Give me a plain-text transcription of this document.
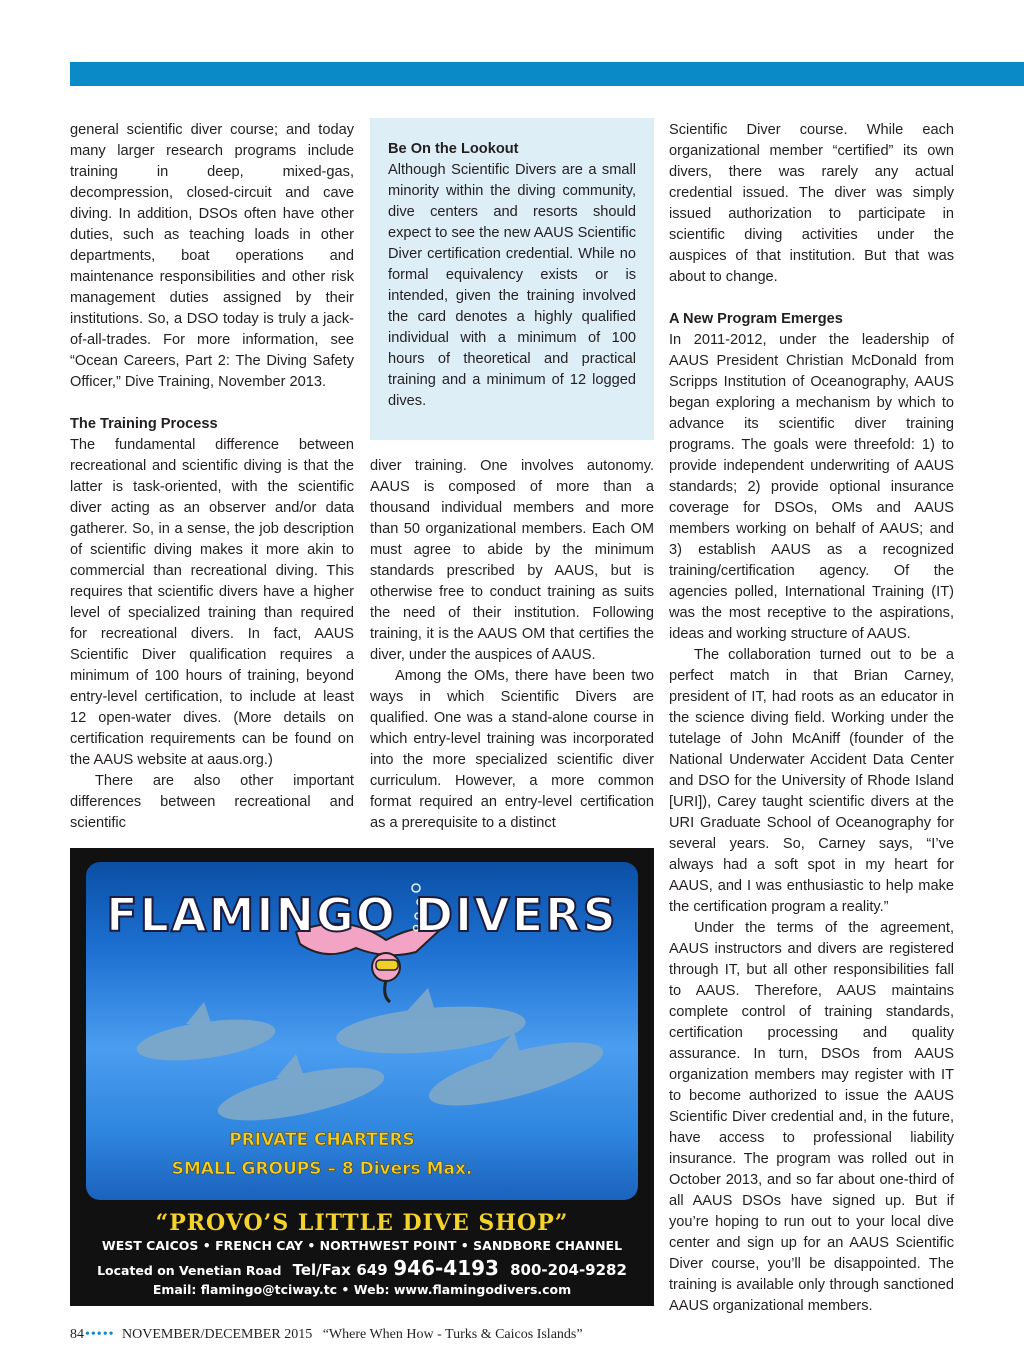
general scientific diver course; and today many larger research programs include training in deep, mixed-gas, decompression, closed-circuit and cave diving. In addition, DSOs often have other duties, such as teaching loads in other departments, boat operations and maintenance responsibilities and other risk management duties assigned by their institutions. So, a DSO today is truly a jack-of-all-trades. For more information, see “Ocean Careers, Part 2: The Diving Safety Officer,” Dive Training, November 2013.

The Training Process

The fundamental difference between recreational and scientific diving is that the latter is task-oriented, with the scientific diver acting as an observer and/or data gatherer. So, in a sense, the job description of scientific diving makes it more akin to commercial than recreational diving. This requires that scientific divers have a higher level of specialized training than required for recreational divers. In fact, AAUS Scientific Diver qualification requires a minimum of 100 hours of training, beyond entry-level certification, to include at least 12 open-water dives. (More details on certification requirements can be found on the AAUS website at aaus.org.)

There are also other important differences between recreational and scientific

Be On the Lookout

Although Scientific Divers are a small minority within the diving community, dive centers and resorts should expect to see the new AAUS Scientific Diver certification credential. While no formal equivalency exists or is intended, given the training involved the card denotes a highly qualified individual with a minimum of 100 hours of theoretical and practical training and a minimum of 12 logged dives.

diver training. One involves autonomy. AAUS is composed of more than a thousand individual members and more than 50 organizational members. Each OM must agree to abide by the minimum standards prescribed by AAUS, but is otherwise free to conduct training as suits the need of their institution. Following training, it is the AAUS OM that certifies the diver, under the auspices of AAUS.

Among the OMs, there have been two ways in which Scientific Divers are qualified. One was a stand-alone course in which entry-level training was incorporated into the more specialized scientific diver curriculum. However, a more common format required an entry-level certification as a prerequisite to a distinct

Scientific Diver course. While each organizational member “certified” its own divers, there was rarely any actual credential issued. The diver was simply issued authorization to participate in scientific diving activities under the auspices of that institution. But that was about to change.

A New Program Emerges

In 2011-2012, under the leadership of AAUS President Christian McDonald from Scripps Institution of Oceanography, AAUS began exploring a mechanism by which to advance its scientific diver training programs. The goals were threefold: 1) to provide independent underwriting of AAUS standards; 2) provide optional insurance coverage for DSOs, OMs and AAUS members working on behalf of AAUS; and 3) establish AAUS as a recognized training/certification agency. Of the agencies polled, International Training (IT) was the most receptive to the aspirations, ideas and working structure of AAUS.

The collaboration turned out to be a perfect match in that Brian Carney, president of IT, had roots as an educator in the science diving field. Working under the tutelage of John McAniff (founder of the National Underwater Accident Data Center and DSO for the University of Rhode Island [URI]), Carey taught scientific divers at the URI Graduate School of Oceanography for several years. So, Carney says, “I’ve always had a soft spot in my heart for AAUS, and I was enthusiastic to help make the certification program a reality.”

Under the terms of the agreement, AAUS instructors and divers are registered through IT, but all other responsibilities fall to AAUS. Therefore, AAUS maintains complete control of training standards, certification processing and quality assurance. In turn, DSOs from AAUS organization members may register with IT to become authorized to issue the AAUS Scientific Diver credential and, in the future, have access to professional liability insurance. The program was rolled out in October 2013, and so far about one-third of all AAUS DSOs have signed up. But if you’re hoping to run out to your local dive center and sign up for an AAUS Scientific Diver course, you’ll be disappointed. The training is available only through sanctioned AAUS organizational members.

FLAMINGO DIVERS
PRIVATE CHARTERS
SMALL GROUPS – 8 Divers Max.
“PROVO’S LITTLE DIVE SHOP”
WEST CAICOS • FRENCH CAY • NORTHWEST POINT • SANDBORE CHANNEL
Located on Venetian Road Tel/Fax 649 946-4193 800-204-9282
Email: flamingo@tciway.tc • Web: www.flamingodivers.com
84••••• NOVEMBER/DECEMBER 2015 “Where When How - Turks & Caicos Islands”
